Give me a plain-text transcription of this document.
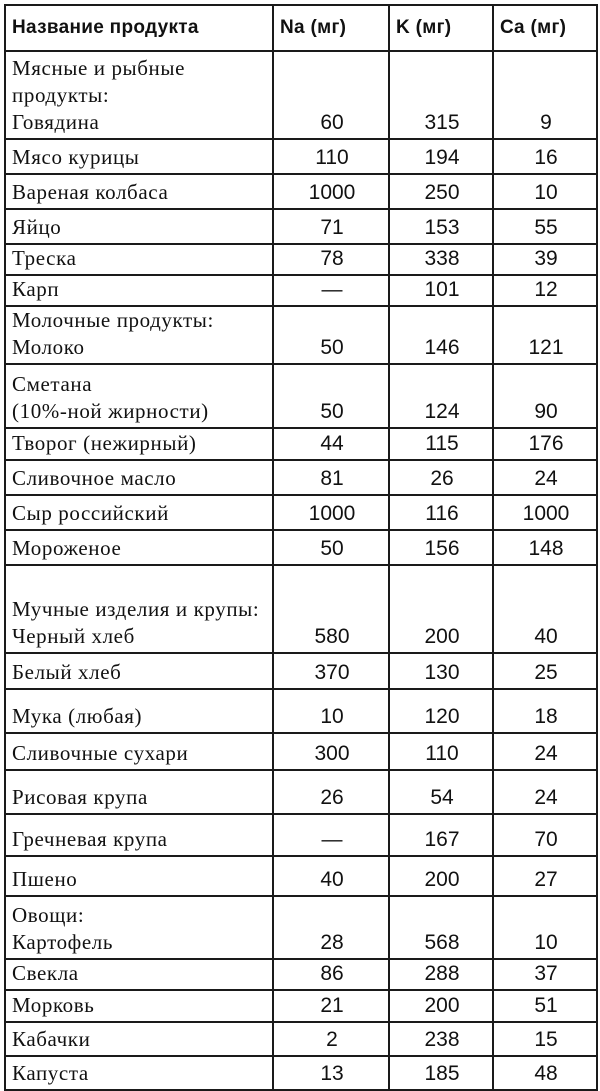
Название продукта	Na (мг)	K (мг)	Ca (мг)

Мясные и рыбные продукты:
Говядина	60	315	9

Мясо курицы	110	194	16

Вареная колбаса	1000	250	10

Яйцо	71	153	55

Треска	78	338	39

Карп	—	101	12

Молочные продукты:
Молоко	50	146	121

Сметана
(10%-ной жирности)	50	124	90

Творог (нежирный)	44	115	176

Сливочное масло	81	26	24

Сыр российский	1000	116	1000

Мороженое	50	156	148

Мучные изделия и крупы:
Черный хлеб	580	200	40

Белый хлеб	370	130	25

Мука (любая)	10	120	18

Сливочные сухари	300	110	24

Рисовая крупа	26	54	24

Гречневая крупа	—	167	70

Пшено	40	200	27

Овощи:
Картофель	28	568	10

Свекла	86	288	37

Морковь	21	200	51

Кабачки	2	238	15

Капуста	13	185	48
